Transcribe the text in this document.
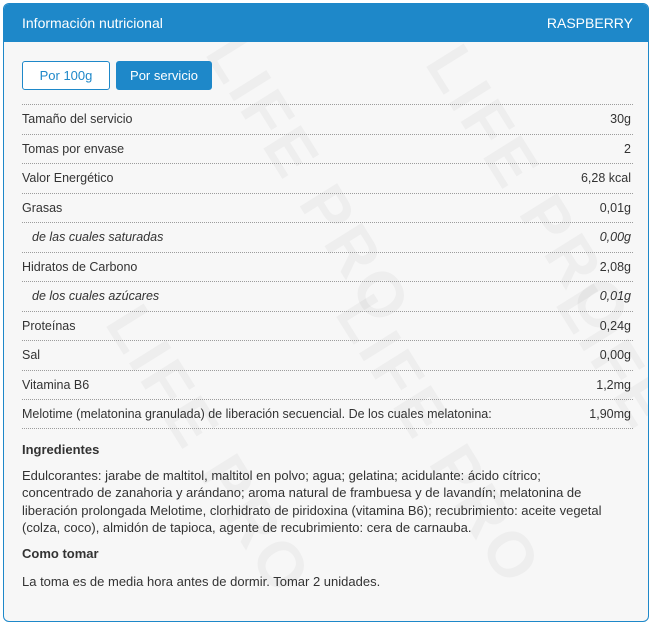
Información nutricional	RASPBERRY
Por 100g	Por servicio
Tamaño del servicio	30g
Tomas por envase	2
Valor Energético	6,28 kcal
Grasas	0,01g
de las cuales saturadas	0,00g
Hidratos de Carbono	2,08g
de los cuales azúcares	0,01g
Proteínas	0,24g
Sal	0,00g
Vitamina B6	1,2mg
Melotime (melatonina granulada) de liberación secuencial. De los cuales melatonina:	1,90mg
Ingredientes
Edulcorantes: jarabe de maltitol, maltitol en polvo; agua; gelatina; acidulante: ácido cítrico; concentrado de zanahoria y arándano; aroma natural de frambuesa y de lavandín; melatonina de liberación prolongada Melotime, clorhidrato de piridoxina (vitamina B6); recubrimiento: aceite vegetal (colza, coco), almidón de tapioca, agente de recubrimiento: cera de carnauba.
Como tomar
La toma es de media hora antes de dormir. Tomar 2 unidades.
